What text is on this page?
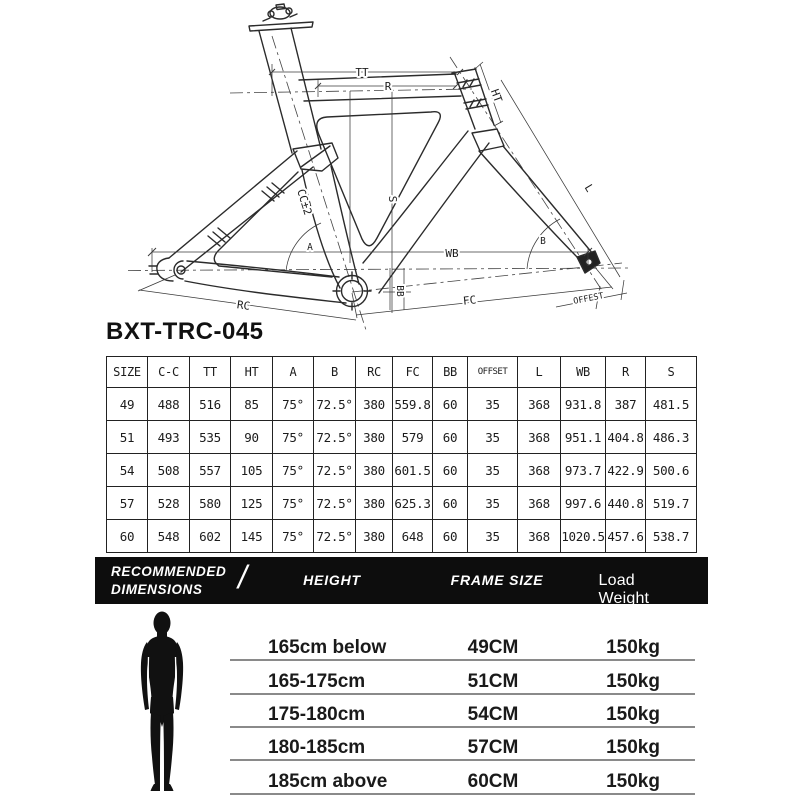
TT
R
HT
L
S
CC±2
WB
BB
FC
RC	OFFEST
A
B
BXT-TRC-045
SIZE	C-C	TT	HT	A	B	RC	FC	BB	OFFSET	L	WB	R	S
49	488	516	85	75°	72.5°	380	559.8	60	35	368	931.8	387	481.5
51	493	535	90	75°	72.5°	380	579	60	35	368	951.1	404.8	486.3
54	508	557	105	75°	72.5°	380	601.5	60	35	368	973.7	422.9	500.6
57	528	580	125	75°	72.5°	380	625.3	60	35	368	997.6	440.8	519.7
60	548	602	145	75°	72.5°	380	648	60	35	368	1020.5	457.6	538.7
RECOMMENDED
DIMENSIONS	/	HEIGHT	FRAME SIZE	Load Weight
165cm below	49CM	150kg
165-175cm	51CM	150kg
175-180cm	54CM	150kg
180-185cm	57CM	150kg
185cm above	60CM	150kg
